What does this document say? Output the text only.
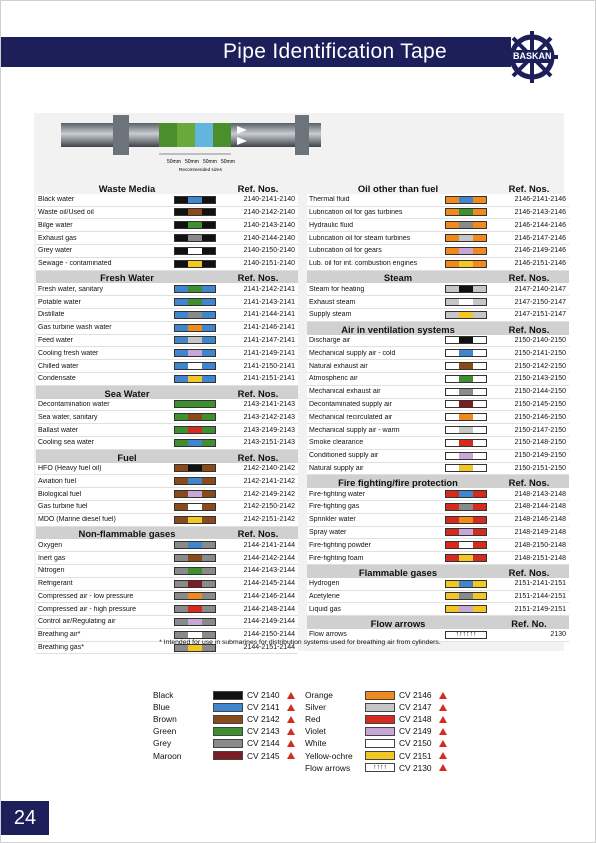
Pipe Identification Tape	BASKAN
50mm 50mm 50mm 50mm
Recommended sizes
Waste Media	Ref. Nos.
Black water	2140-2141-2140
Waste oil/Used oil	2140-2142-2140
Bilge water	2140-2143-2140
Exhaust gas	2140-2144-2140
Grey water	2140-2150-2140
Sewage - contaminated	2140-2151-2140
Fresh Water	Ref. Nos.
Fresh water, sanitary	2141-2142-2141
Potable water	2141-2143-2141
Distillate	2141-2144-2141
Gas turbine wash water	2141-2146-2141
Feed water	2141-2147-2141
Cooling fresh water	2141-2149-2141
Chilled water	2141-2150-2141
Condensate	2141-2151-2141
Sea Water	Ref. Nos.
Decontamination water	2143-2141-2143
Sea water, sanitary	2143-2142-2143
Ballast water	2143-2149-2143
Cooling sea water	2143-2151-2143
Fuel	Ref. Nos.
HFO (Heavy fuel oil)	2142-2140-2142
Aviation fuel	2142-2141-2142
Biological fuel	2142-2149-2142
Gas turbine fuel	2142-2150-2142
MDO (Marine diesel fuel)	2142-2151-2142
Non-flammable gases	Ref. Nos.
Oxygen	2144-2141-2144
Inert gas	2144-2142-2144
Nitrogen	2144-2143-2144
Refrigerant	2144-2145-2144
Compressed air - low pressure	2144-2146-2144
Compressed air - high pressure	2144-2148-2144
Control air/Regulating air	2144-2149-2144
Breathing air*	2144-2150-2144
Breathing gas*	2144-2151-2144
Oil other than fuel	Ref. Nos.
Thermal fluid	2146-2141-2146
Lubrication oil for gas turbines	2146-2143-2146
Hydraulic fluid	2146-2144-2146
Lubrication oil for steam turbines	2146-2147-2146
Lubrication oil for gears	2146-2149-2146
Lub. oil for int. combustion engines	2146-2151-2146
Steam	Ref. Nos.
Steam for heating	2147-2140-2147
Exhaust steam	2147-2150-2147
Supply steam	2147-2151-2147
Air in ventilation systems	Ref. Nos.
Discharge air	2150-2140-2150
Mechanical supply air - cold	2150-2141-2150
Natural exhaust air	2150-2142-2150
Atmospheric air	2150-2143-2150
Mechanical exhaust air	2150-2144-2150
Decontaminated supply air	2150-2145-2150
Mechanical recirculated air	2150-2146-2150
Mechanical supply air - warm	2150-2147-2150
Smoke clearance	2150-2148-2150
Conditioned supply air	2150-2149-2150
Natural supply air	2150-2151-2150
Fire fighting/fire protection	Ref. Nos.
Fire-fighting water	2148-2143-2148
Fire-fighting gas	2148-2144-2148
Sprinkler water	2148-2146-2148
Spray water	2148-2149-2148
Fire-fighting powder	2148-2150-2148
Fire-fighting foam	2148-2151-2148
Flammable gases	Ref. Nos.
Hydrogen	2151-2141-2151
Acetylene	2151-2144-2151
Liquid gas	2151-2149-2151
Flow arrows	Ref. No.
Flow arrows	↑↑↑↑↑↑	2130
* Intended for use in submarines for distribution systems used for breathing air from cylinders.
Black	CV 2140
Blue	CV 2141
Brown	CV 2142
Green	CV 2143
Grey	CV 2144
Maroon	CV 2145
Orange	CV 2146
Silver	CV 2147
Red	CV 2148
Violet	CV 2149
White	CV 2150
Yellow-ochre	CV 2151
Flow arrows	↑↑↑↑	CV 2130
24
